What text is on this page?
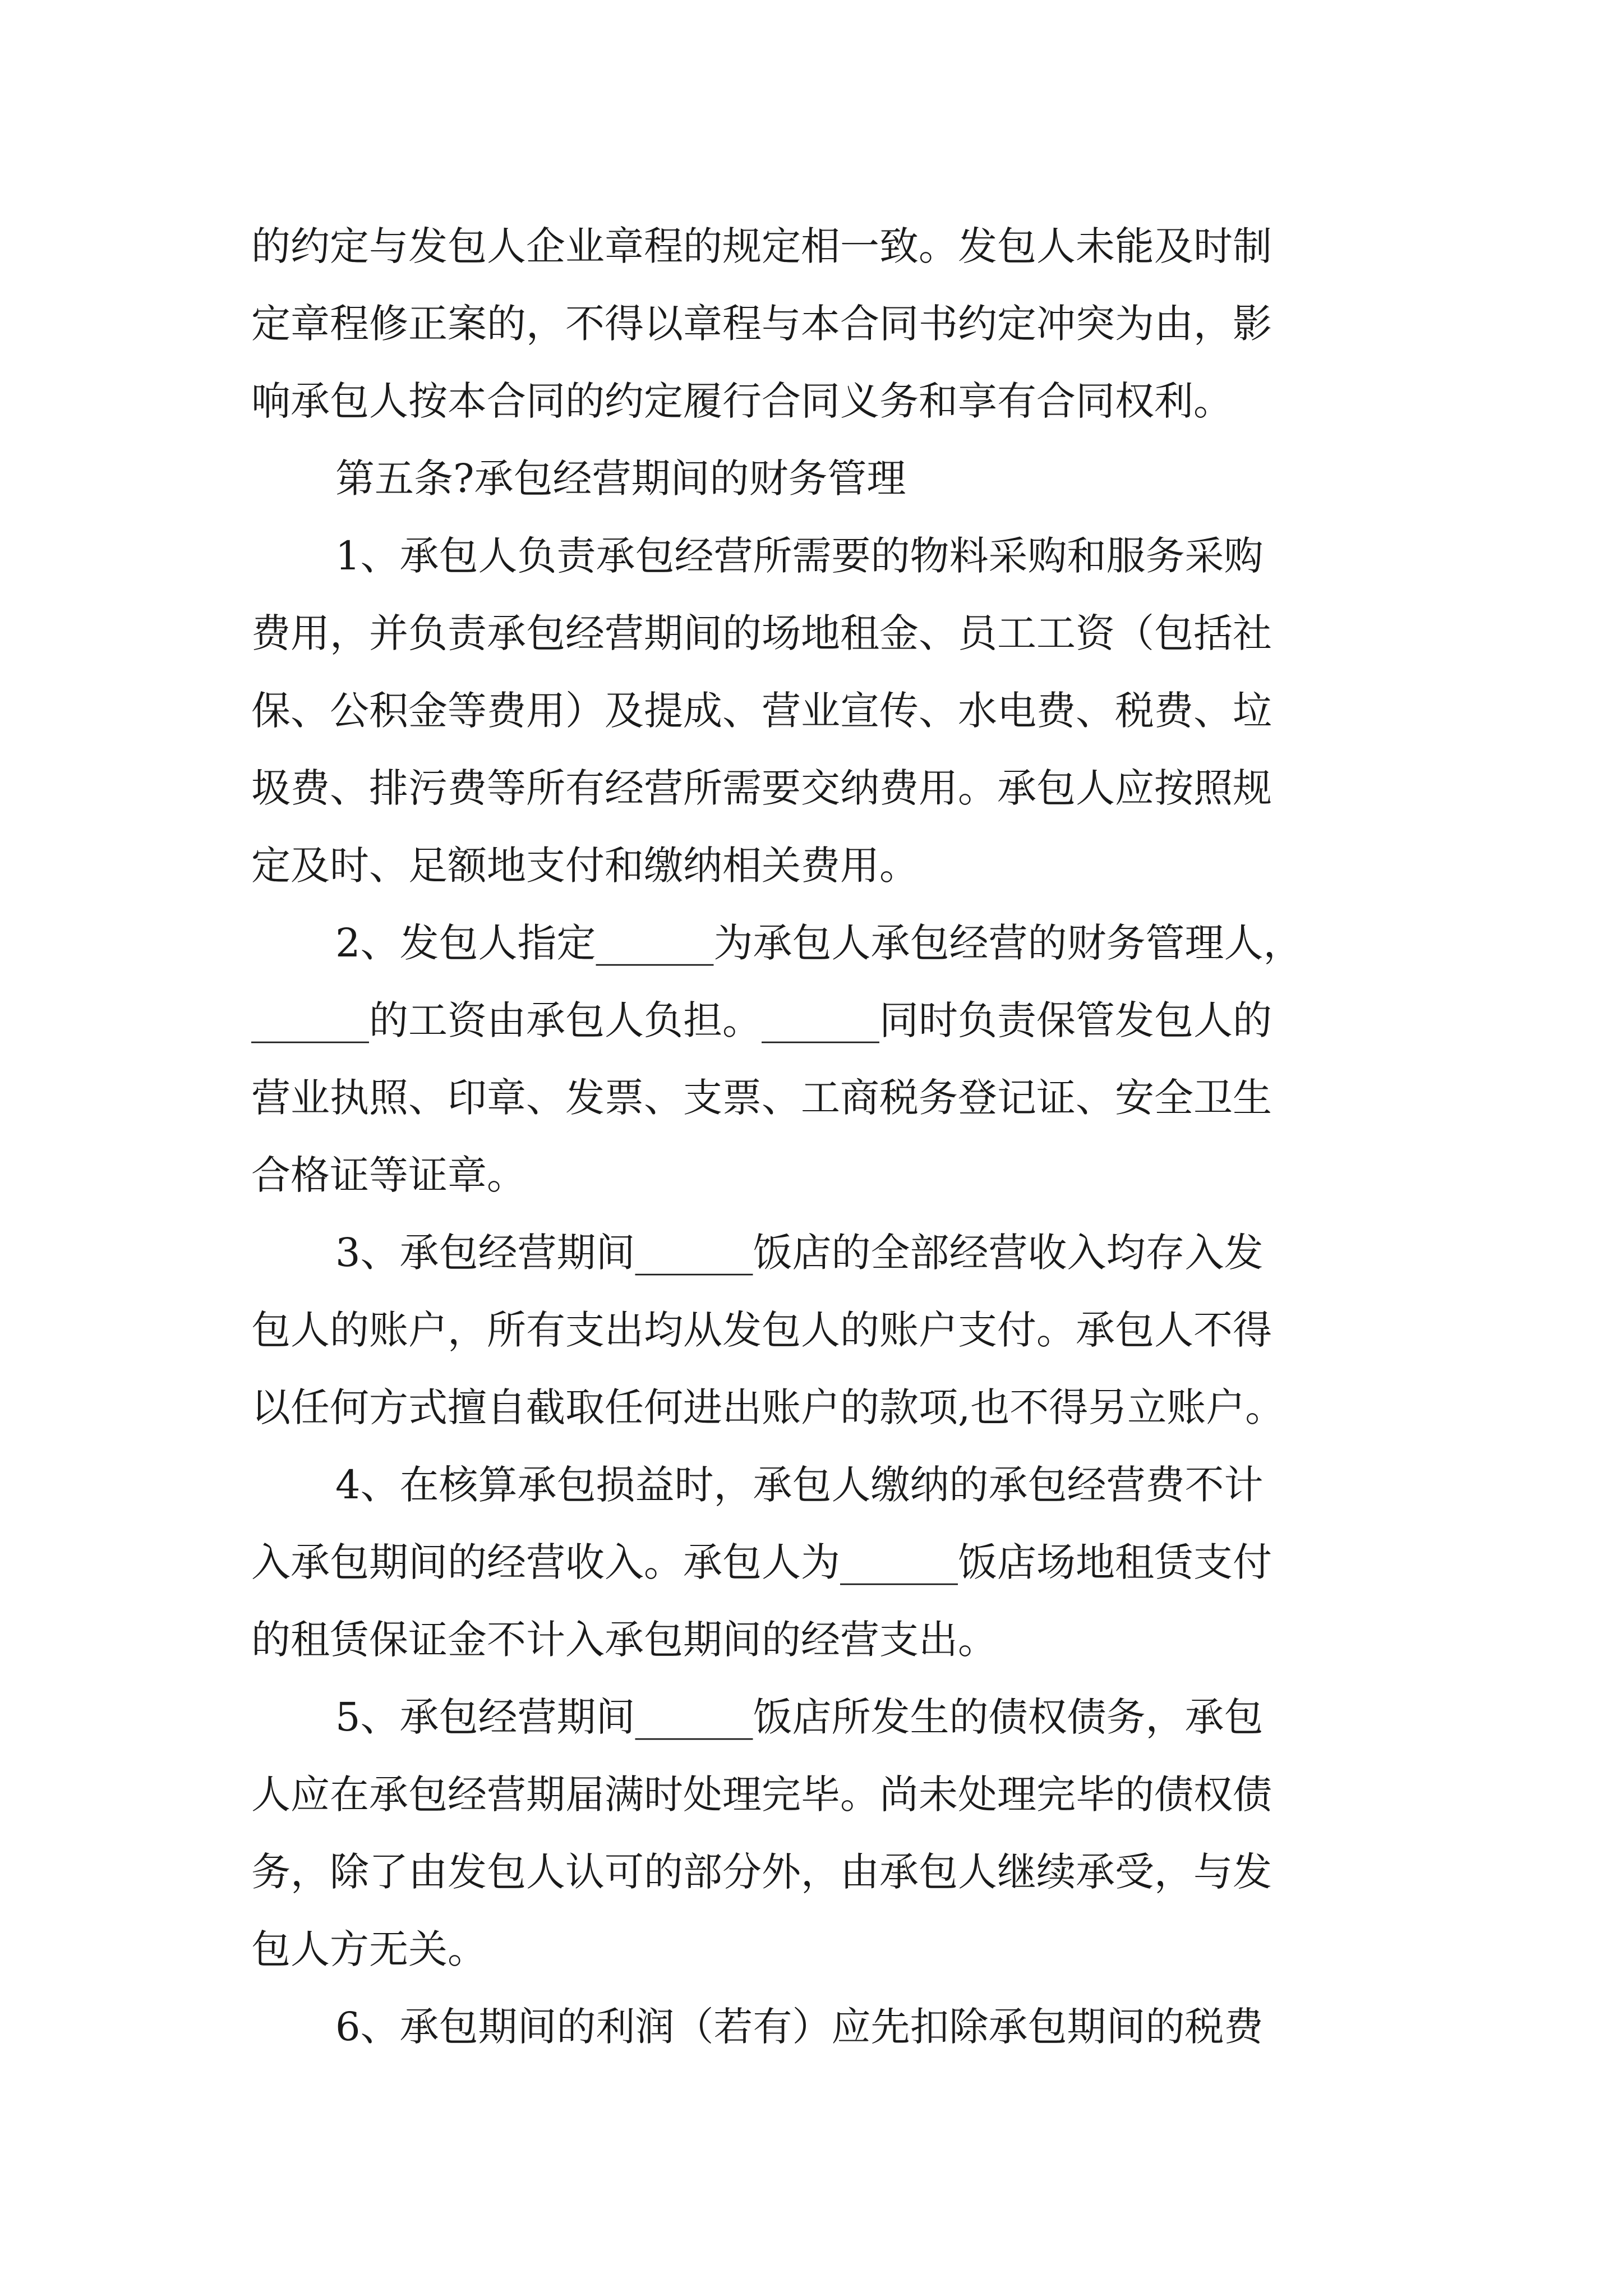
的约定与发包人企业章程的规定相一致。发包人未能及时制
定章程修正案的，不得以章程与本合同书约定冲突为由，影
响承包人按本合同的约定履行合同义务和享有合同权利。
第五条?承包经营期间的财务管理
1、承包人负责承包经营所需要的物料采购和服务采购
费用，并负责承包经营期间的场地租金、员工工资（包括社
保、公积金等费用）及提成、营业宣传、水电费、税费、垃
圾费、排污费等所有经营所需要交纳费用。承包人应按照规
定及时、足额地支付和缴纳相关费用。
2、发包人指定______为承包人承包经营的财务管理人，
______的工资由承包人负担。______同时负责保管发包人的
营业执照、印章、发票、支票、工商税务登记证、安全卫生
合格证等证章。
3、承包经营期间______饭店的全部经营收入均存入发
包人的账户，所有支出均从发包人的账户支付。承包人不得
以任何方式擅自截取任何进出账户的款项,也不得另立账户。
4、在核算承包损益时，承包人缴纳的承包经营费不计
入承包期间的经营收入。承包人为______饭店场地租赁支付
的租赁保证金不计入承包期间的经营支出。
5、承包经营期间______饭店所发生的债权债务，承包
人应在承包经营期届满时处理完毕。尚未处理完毕的债权债
务，除了由发包人认可的部分外，由承包人继续承受，与发
包人方无关。
6、承包期间的利润（若有）应先扣除承包期间的税费
